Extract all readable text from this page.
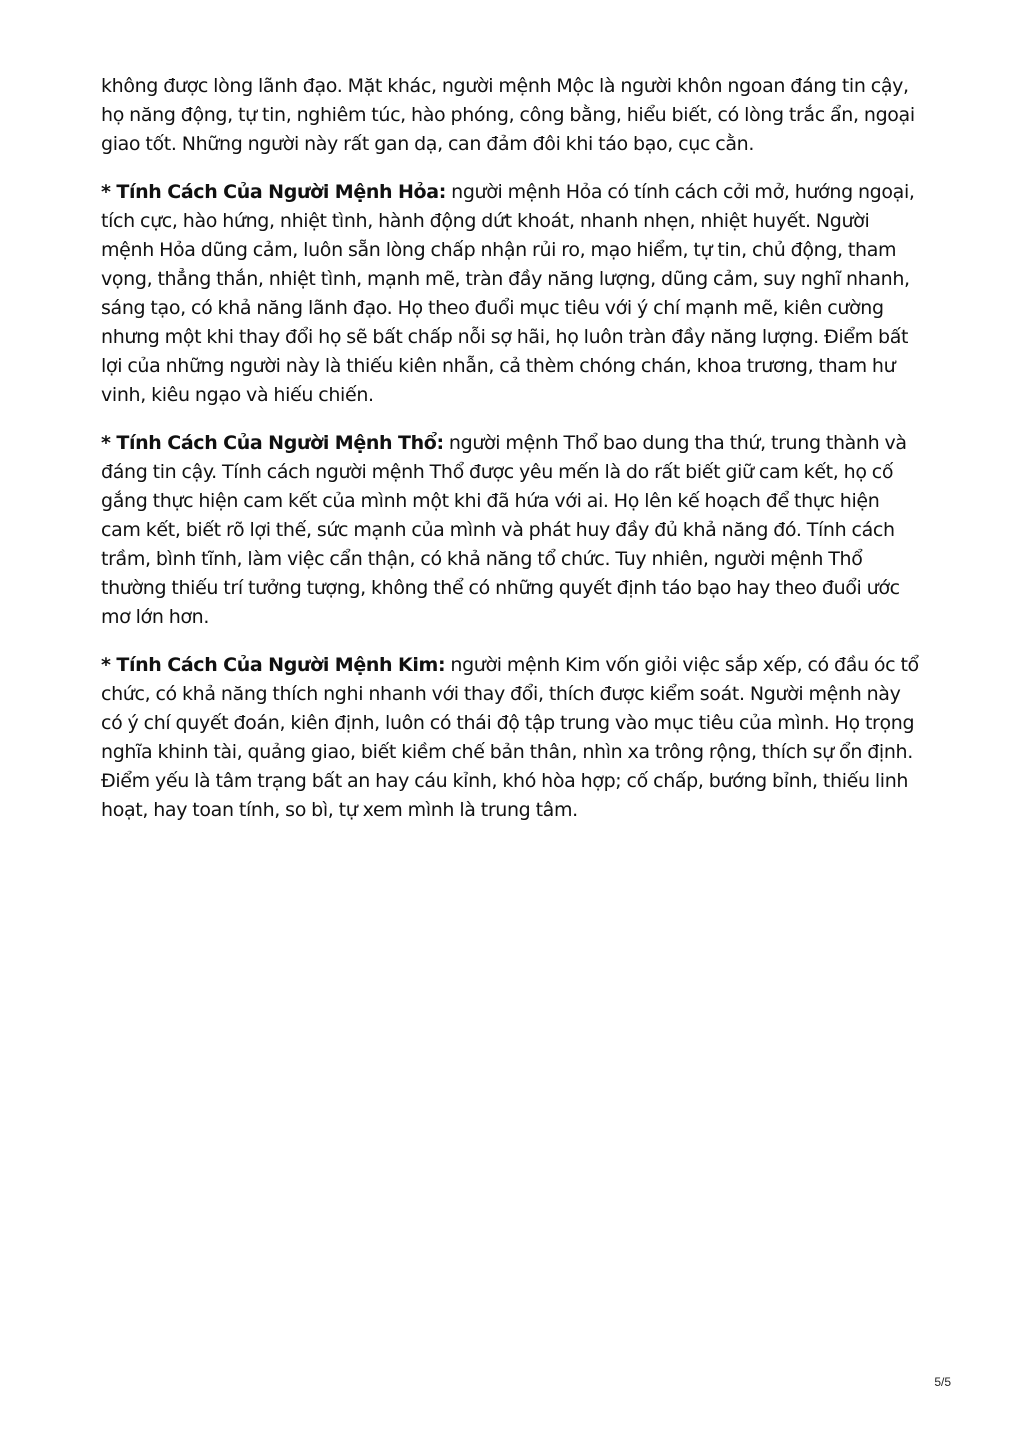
không được lòng lãnh đạo. Mặt khác, người mệnh Mộc là người khôn ngoan đáng tin cậy, họ năng động, tự tin, nghiêm túc, hào phóng, công bằng, hiểu biết, có lòng trắc ẩn, ngoại giao tốt. Những người này rất gan dạ, can đảm đôi khi táo bạo, cục cằn.

* Tính Cách Của Người Mệnh Hỏa: người mệnh Hỏa có tính cách cởi mở, hướng ngoại, tích cực, hào hứng, nhiệt tình, hành động dứt khoát, nhanh nhẹn, nhiệt huyết. Người mệnh Hỏa dũng cảm, luôn sẵn lòng chấp nhận rủi ro, mạo hiểm, tự tin, chủ động, tham vọng, thẳng thắn, nhiệt tình, mạnh mẽ, tràn đầy năng lượng, dũng cảm, suy nghĩ nhanh, sáng tạo, có khả năng lãnh đạo. Họ theo đuổi mục tiêu với ý chí mạnh mẽ, kiên cường nhưng một khi thay đổi họ sẽ bất chấp nỗi sợ hãi, họ luôn tràn đầy năng lượng. Điểm bất lợi của những người này là thiếu kiên nhẫn, cả thèm chóng chán, khoa trương, tham hư vinh, kiêu ngạo và hiếu chiến.

* Tính Cách Của Người Mệnh Thổ: người mệnh Thổ bao dung tha thứ, trung thành và đáng tin cậy. Tính cách người mệnh Thổ được yêu mến là do rất biết giữ cam kết, họ cố gắng thực hiện cam kết của mình một khi đã hứa với ai. Họ lên kế hoạch để thực hiện cam kết, biết rõ lợi thế, sức mạnh của mình và phát huy đầy đủ khả năng đó. Tính cách trầm, bình tĩnh, làm việc cẩn thận, có khả năng tổ chức. Tuy nhiên, người mệnh Thổ thường thiếu trí tưởng tượng, không thể có những quyết định táo bạo hay theo đuổi ước mơ lớn hơn.

* Tính Cách Của Người Mệnh Kim: người mệnh Kim vốn giỏi việc sắp xếp, có đầu óc tổ chức, có khả năng thích nghi nhanh với thay đổi, thích được kiểm soát. Người mệnh này có ý chí quyết đoán, kiên định, luôn có thái độ tập trung vào mục tiêu của mình. Họ trọng nghĩa khinh tài, quảng giao, biết kiềm chế bản thân, nhìn xa trông rộng, thích sự ổn định. Điểm yếu là tâm trạng bất an hay cáu kỉnh, khó hòa hợp; cố chấp, bướng bỉnh, thiếu linh hoạt, hay toan tính, so bì, tự xem mình là trung tâm.

5/5
